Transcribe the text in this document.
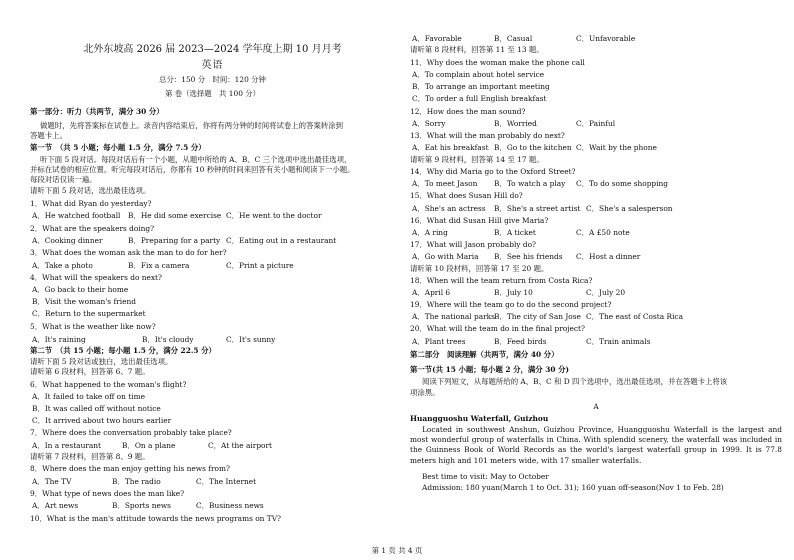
北外东坡高 2026 届 2023—2024 学年度上期 10 月月考
英语
总分：150 分　时间：120 分钟
第 卷（选择题　共 100 分）
第一部分：听力（共两节，满分 30 分）
做题时，先将答案标在试卷上。录音内容结束后，你将有两分钟的时间将试卷上的答案转涂到
答题卡上。
第一节　（共 5 小题；每小题 1.5 分，满分 7.5 分）
听下面 5 段对话。每段对话后有一个小题，从题中所给的 A、B、C 三个选项中选出最佳选项，
并标在试卷的相应位置。听完每段对话后，你都有 10 秒钟的时间来回答有关小题和阅读下一小题。
每段对话仅读一遍。
请听下面 5 段对话，选出最佳选项。
1．What did Ryan do yesterday?
A．He watched football B．He did some exercise C．He went to the doctor
2．What are the speakers doing?
A．Cooking dinner	B．Preparing for a party C．Eating out in a restaurant
3．What does the woman ask the man to do for her?
A．Take a photo	B．Fix a camera	C．Print a picture
4．What will the speakers do next?
A．Go back to their home
B．Visit the woman's friend
C．Return to the supermarket
5．What is the weather like now?
A．It's raining	B．It's cloudy	C．It's sunny
第二节　（共 15 小题；每小题 1.5 分，满分 22.5 分）
请听下面 5 段对话或独白，选出最佳选项。
请听第 6 段材料，回答第 6、7 题。
6．What happened to the woman's flight?
A．It failed to take off on time
B．It was called off without notice
C．It arrived about two hours earlier
7．Where does the conversation probably take place?
A．In a restaurant	B．On a plane	C．At the airport
请听第 7 段材料，回答第 8、9 题。
8．Where does the man enjoy getting his news from?
A．The TV	B．The radio	C．The Internet
9．What type of news does the man like?
A．Art news	B．Sports news	C．Business news
10．What is the man's attitude towards the news programs on TV?
A．Favorable	B．Casual	C．Unfavorable
请听第 8 段材料，回答第 11 至 13 题。
11．Why does the woman make the phone call
A．To complain about hotel service
B．To arrange an important meeting
C．To order a full English breakfast
12．How does the man sound?
A．Sorry	B．Worried	C．Painful
13．What will the man probably do next?
A．Eat his breakfast B．Go to the kitchen C．Wait by the phone
请听第 9 段材料，回答第 14 至 17 题。
14．Why did Maria go to the Oxford Street?
A．To meet Jason B．To watch a play C．To do some shopping
15．What does Susan Hill do?
A．She's an actress B．She's a street artist C．She's a salesperson
16．What did Susan Hill give Maria?
A．A ring	B．A ticket	C．A £50 note
17．What will Jason probably do?
A．Go with Maria B．See his friends C．Host a dinner
请听第 10 段材料，回答第 17 至 20 题。
18．When will the team return from Costa Rica?
A．April 6	B．July 10	C．July 20
19．Where will the team go to do the second project?
A．The national parks B．The city of San Jose C．The east of Costa Rica
20．What will the team do in the final project?
A．Plant trees	B．Feed birds	C．Train animals
第二部分　阅读理解（共两节，满分 40 分）
第一节(共 15 小题；每小题 2 分，满分 30 分)
阅读下列短文，从每题所给的 A、B、C 和 D 四个选项中，选出最佳选项，并在答题卡上将该
项涂黑。
A
Huangguoshu Waterfall, Guizhou
Located in southwest Anshun, Guizhou Province, Huangguoshu Waterfall is the largest and most wonderful group of waterfalls in China. With splendid scenery, the waterfall was included in the Guinness Book of World Records as the world's largest waterfall group in 1999. It is 77.8 meters high and 101 meters wide, with 17 smaller waterfalls.
Best time to visit: May to October
Admission: 180 yuan(March 1 to Oct. 31); 160 yuan off-season(Nov 1 to Feb. 28)
第 1 页 共 4 页
